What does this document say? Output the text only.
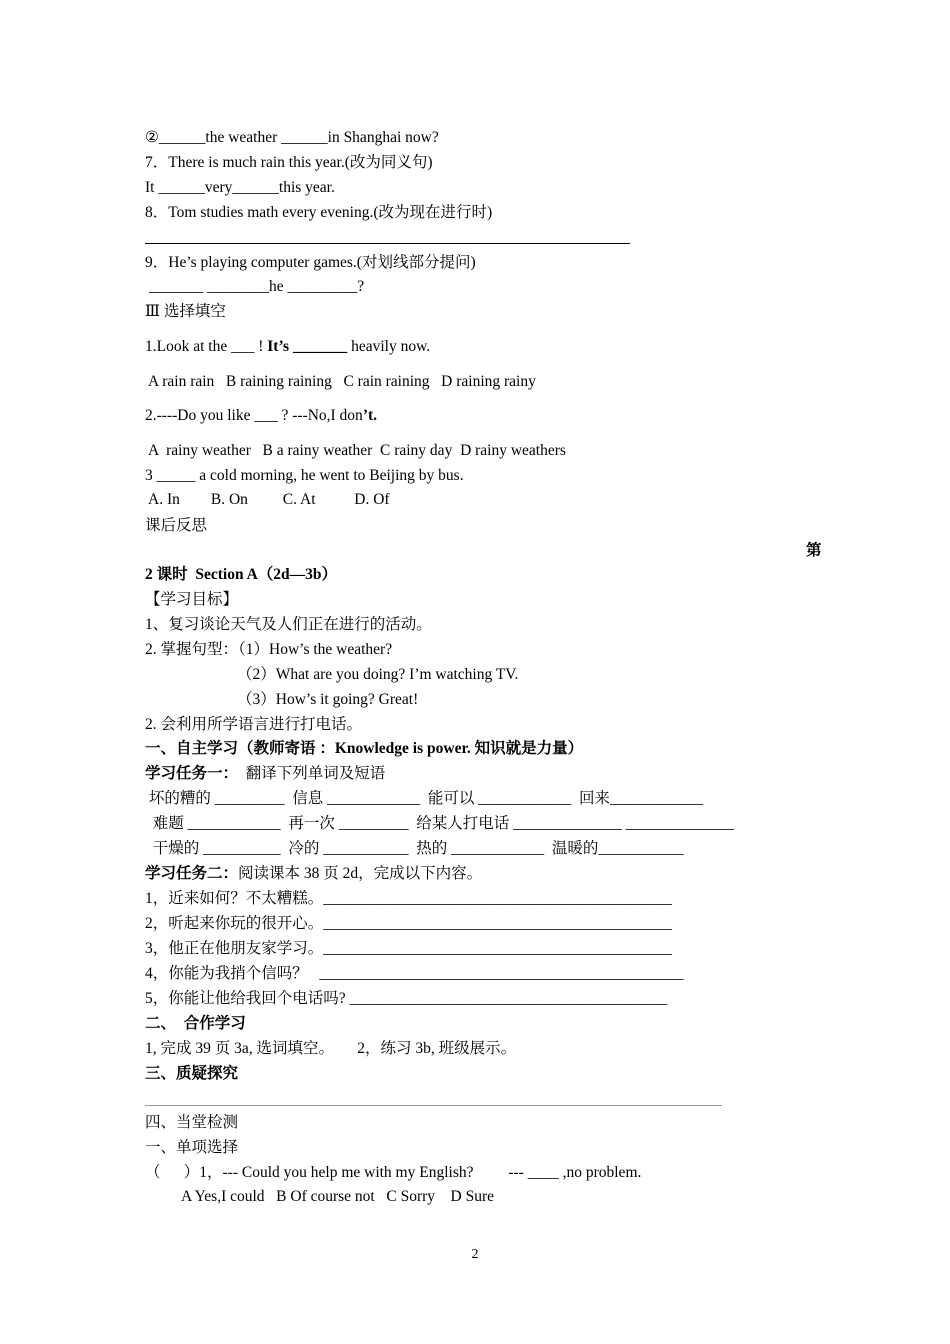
②______the weather ______in Shanghai now?
7．There is much rain this year.(改为同义句)
It ______very______this year.
8．Tom studies math every evening.(改为现在进行时)
9．He’s playing computer games.(对划线部分提问)
_______ ________he _________?
Ⅲ 选择填空
1.Look at the ___ ! It’s _______ heavily now.
A rain rain   B raining raining   C rain raining   D raining rainy
2.----Do you like ___ ? ---No,I don’t.
A  rainy weather   B a rainy weather  C rainy day  D rainy weathers
3 _____ a cold morning, he went to Beijing by bus.
A. In        B. On         C. At          D. Of
课后反思
第
2 课时  Section A（2d—3b）
【学习目标】
1、复习谈论天气及人们正在进行的活动。
2. 掌握句型：（1）How’s the weather?
（2）What are you doing? I’m watching TV.
（3）How’s it going? Great!
2. 会利用所学语言进行打电话。
一、自主学习（教师寄语 ：Knowledge is power. 知识就是力量）
学习任务一：  翻译下列单词及短语
坏的糟的 _________  信息 ____________  能可以 ____________  回来____________
难题 ____________  再一次 _________  给某人打电话 ______________ ______________
干燥的 __________  冷的 ___________  热的 ____________  温暖的___________
学习任务二：阅读课本 38 页 2d，完成以下内容。
1，近来如何？不太糟糕。_____________________________________________
2，听起来你玩的很开心。_____________________________________________
3，他正在他朋友家学习。_____________________________________________
4，你能为我捎个信吗？   _______________________________________________
5，你能让他给我回个电话吗? _________________________________________
二、  合作学习
1, 完成 39 页 3a, 选词填空。      2，练习 3b, 班级展示。
三、质疑探究
四、当堂检测
一、单项选择
（      ）1，--- Could you help me with my English?         --- ____ ,no problem.
A Yes,I could   B Of course not   C Sorry    D Sure
2
